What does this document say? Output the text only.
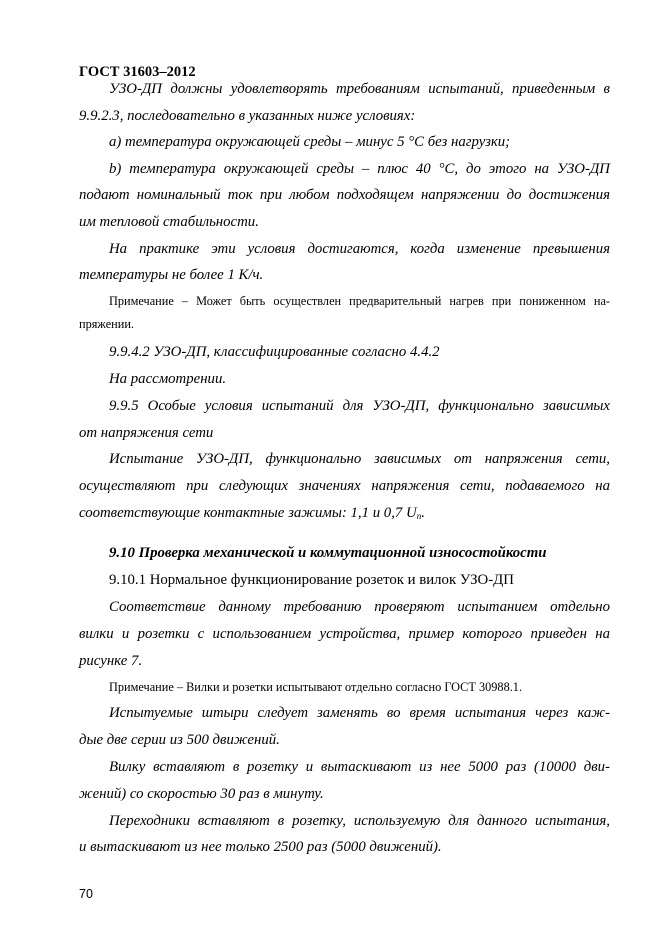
ГОСТ 31603–2012
УЗО-ДП должны удовлетворять требованиям испытаний, приведенным в
9.9.2.3, последовательно в указанных ниже условиях:
a) температура окружающей среды – минус 5 °С без нагрузки;
b) температура окружающей среды – плюс 40 °С, до этого на УЗО-ДП
подают номинальный ток при любом подходящем напряжении до достижения
им тепловой стабильности.
На практике эти условия достигаются, когда изменение превышения
температуры не более 1 К/ч.
Примечание – Может быть осуществлен предварительный нагрев при пониженном на-
пряжении.
9.9.4.2 УЗО-ДП, классифицированные согласно 4.4.2
На рассмотрении.
9.9.5 Особые условия испытаний для УЗО-ДП, функционально зависимых
от напряжения сети
Испытание УЗО-ДП, функционально зависимых от напряжения сети,
осуществляют при следующих значениях напряжения сети, подаваемого на
соответствующие контактные зажимы: 1,1 и 0,7 $U_n$.
9.10 Проверка механической и коммутационной износостойкости
9.10.1 Нормальное функционирование розеток и вилок УЗО-ДП
Соответствие данному требованию проверяют испытанием отдельно
вилки и розетки с использованием устройства, пример которого приведен на
рисунке 7.
Примечание – Вилки и розетки испытывают отдельно согласно ГОСТ 30988.1.
Испытуемые штыри следует заменять во время испытания через каж-
дые две серии из 500 движений.
Вилку вставляют в розетку и вытаскивают из нее 5000 раз (10000 дви-
жений) со скоростью 30 раз в минуту.
Переходники вставляют в розетку, используемую для данного испытания,
и вытаскивают из нее только 2500 раз (5000 движений).
70
